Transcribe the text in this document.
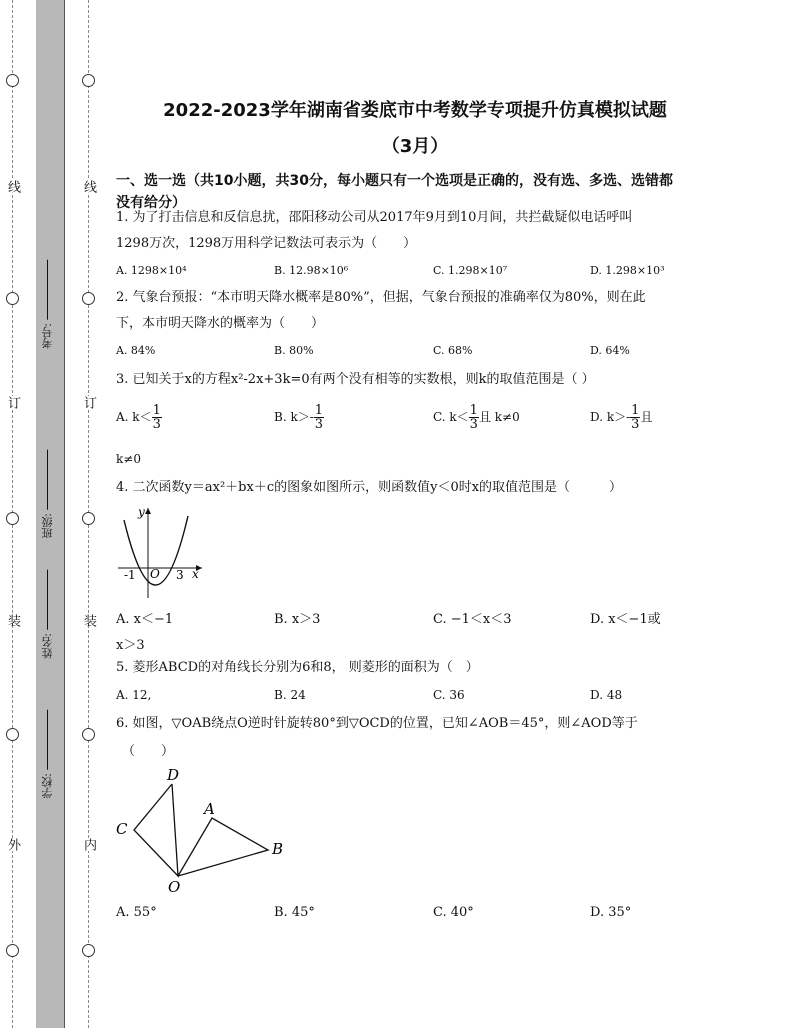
线
订
装
外
线
订
装
内
考号:
班级:
姓名:
学校:
2022-2023学年湖南省娄底市中考数学专项提升仿真模拟试题
（3月）
一、选一选（共10小题，共30分，每小题只有一个选项是正确的，没有选、多选、选错都没有给分）
1. 为了打击信息和反信息扰，邵阳移动公司从2017年9月到10月间，共拦截疑似电话呼叫
1298万次，1298万用科学记数法可表示为（　　）
A. 1298×10⁴	B. 12.98×10⁶	C. 1.298×10⁷	D. 1.298×10³
2. 气象台预报：“本市明天降水概率是80%”，但据，气象台预报的准确率仅为80%，则在此
下，本市明天降水的概率为（　　）
A. 84%	B. 80%	C. 68%	D. 64%
3. 已知关于x的方程x²-2x+3k=0有两个没有相等的实数根，则k的取值范围是（ ）
A. $k< \frac{1}{3}$	B. $k>- \frac{1}{3}$	C. $k< \frac{1}{3}$ 且 k≠0	D. $k>- \frac{1}{3}$ 且
k≠0
4. 二次函数y＝ax²＋bx＋c的图象如图所示，则函数值y＜0时x的取值范围是（　　　）
y
O
-1	3 x
A. x＜−1	B. x＞3	C. −1＜x＜3	D. x＜−1或
x＞3
5. 菱形ABCD的对角线长分别为6和8， 则菱形的面积为（　）
A. 12,	B. 24	C. 36	D. 48
6. 如图，▽OAB绕点O逆时针旋转80°到▽OCD的位置，已知∠AOB＝45°，则∠AOD等于
（　　）
D
C
A
B
O
A. 55°	B. 45°	C. 40°	D. 35°
